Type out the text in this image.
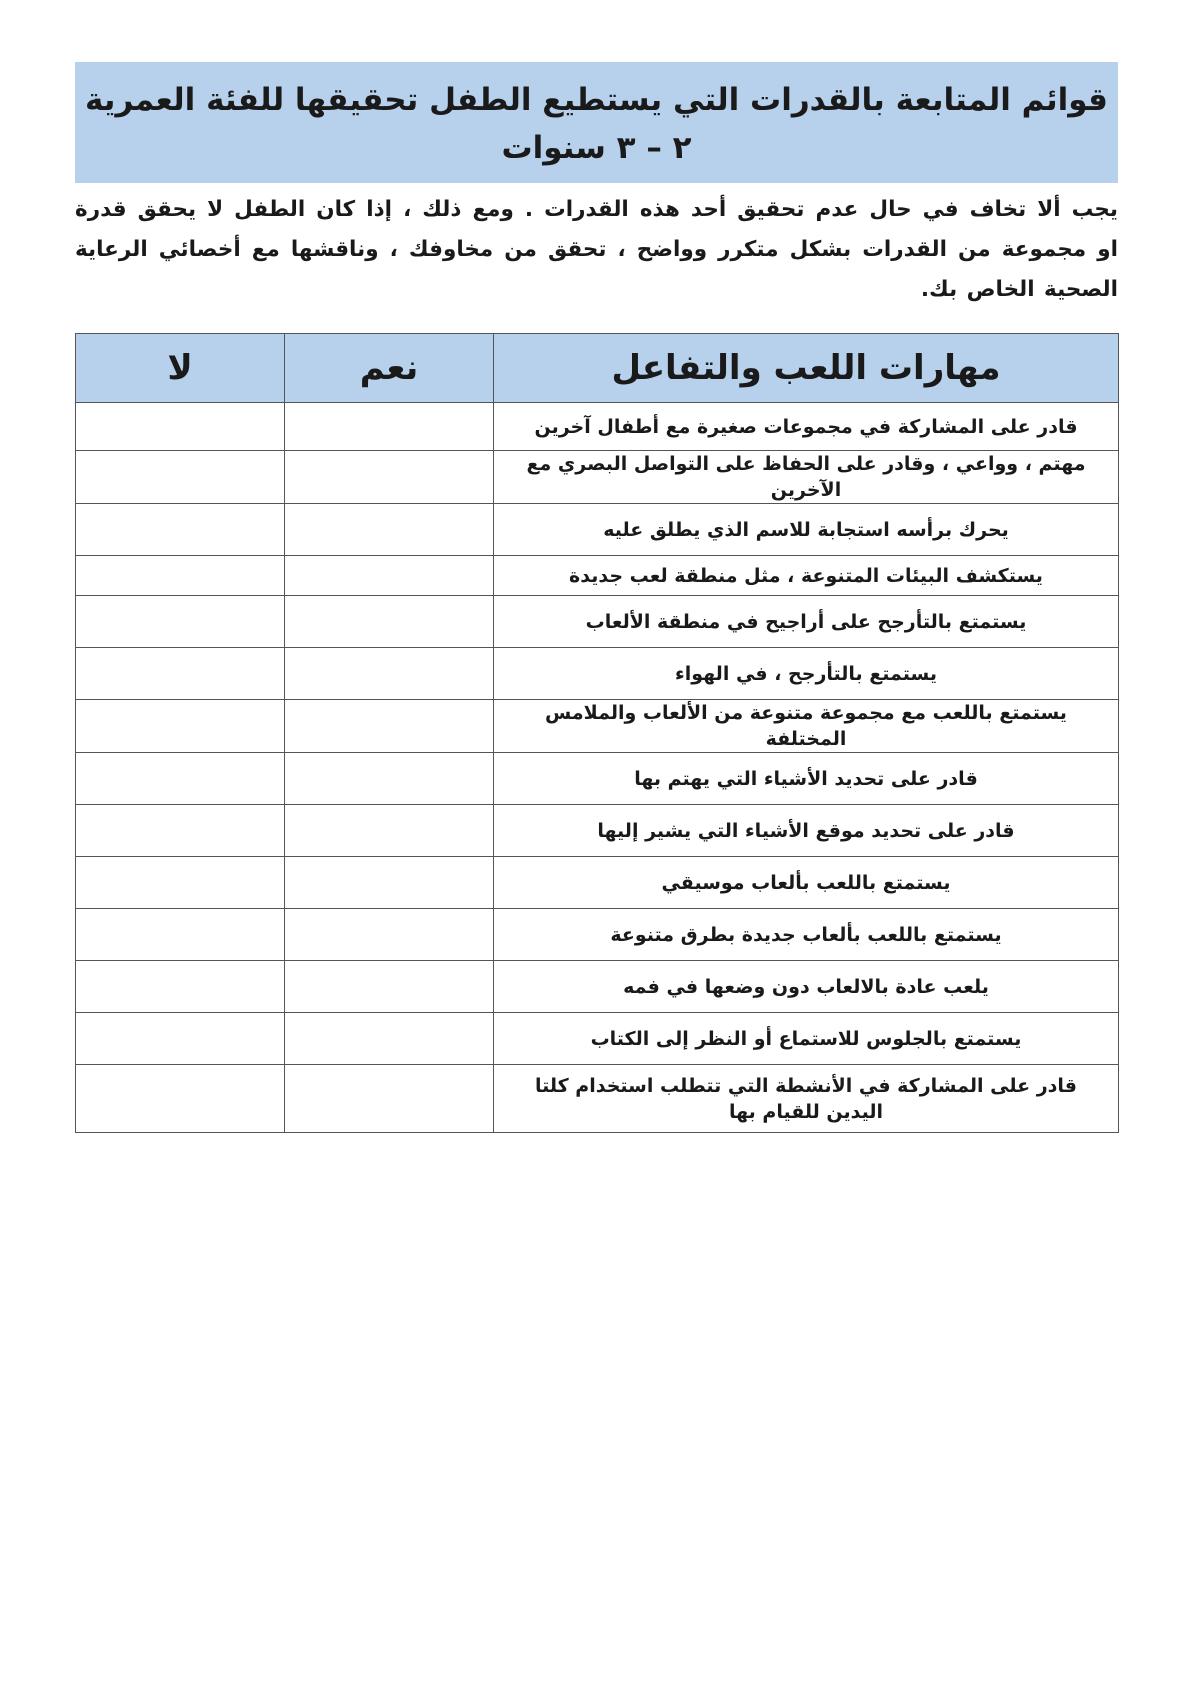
قوائم المتابعة بالقدرات التي يستطيع الطفل تحقيقها للفئة العمرية
٢ – ٣ سنوات
يجب ألا تخاف في حال عدم تحقيق أحد هذه القدرات . ومع ذلك ، إذا كان الطفل لا يحقق قدرة او مجموعة من القدرات بشكل متكرر وواضح ، تحقق من مخاوفك ، وناقشها مع أخصائي الرعاية الصحية الخاص بك.
مهارات اللعب والتفاعل	نعم	لا
قادر على المشاركة في مجموعات صغيرة مع أطفال آخرين		
مهتم ، وواعي ، وقادر على الحفاظ على التواصل البصري مع الآخرين		
يحرك برأسه استجابة للاسم الذي يطلق عليه		
يستكشف البيئات المتنوعة ، مثل منطقة لعب جديدة		
يستمتع بالتأرجح على أراجيح في منطقة الألعاب		
يستمتع بالتأرجح ، في الهواء		
يستمتع باللعب مع مجموعة متنوعة من الألعاب والملامس المختلفة		
قادر على تحديد الأشياء التي يهتم بها		
قادر على تحديد موقع الأشياء التي يشير إليها		
يستمتع باللعب بألعاب موسيقي		
يستمتع باللعب بألعاب جديدة بطرق متنوعة		
يلعب عادة بالالعاب دون وضعها في فمه		
يستمتع بالجلوس للاستماع أو النظر إلى الكتاب		
قادر على المشاركة في الأنشطة التي تتطلب استخدام كلتا اليدين للقيام بها		
